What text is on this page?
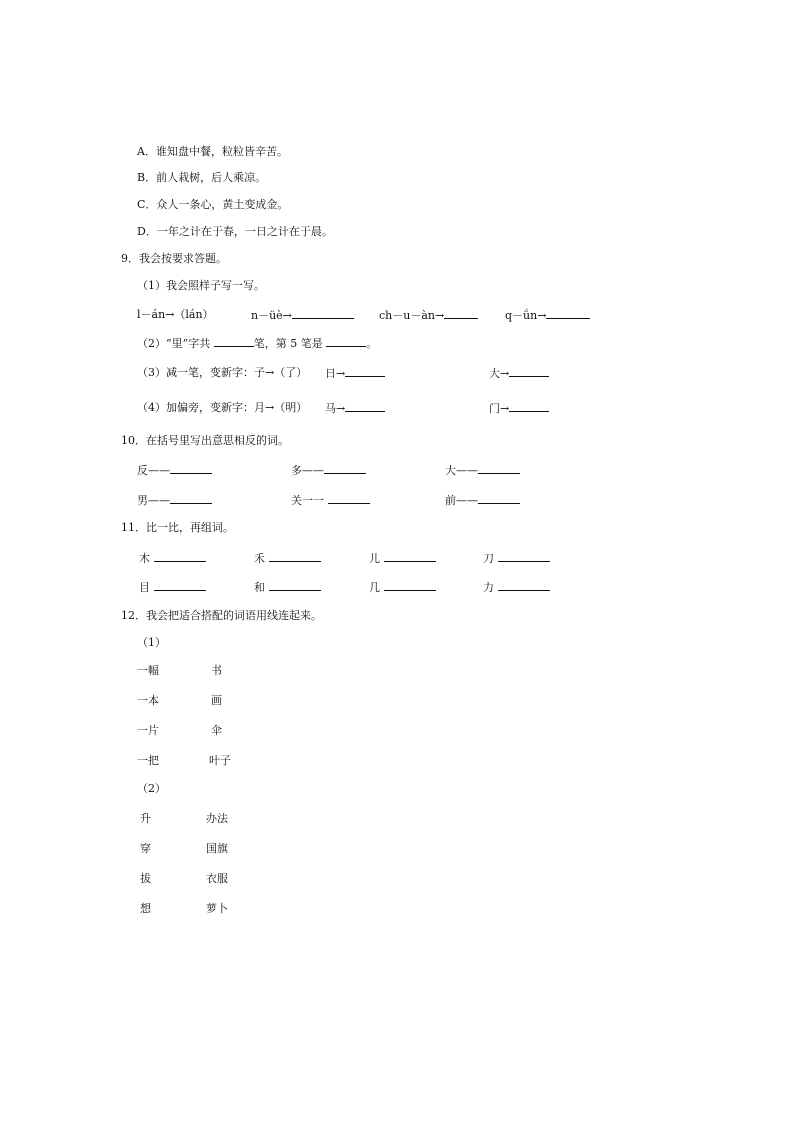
A．谁知盘中餐，粒粒皆辛苦。
B．前人栽树，后人乘凉。
C．众人一条心，黄土变成金。
D．一年之计在于春，一日之计在于晨。
9．我会按要求答题。
（1）我会照样子写一写。
l－án→（lán）	n－üè→	ch－u－àn→	q－ǘn→
（2）“里”字共	笔，第 5 笔是	。
（3）减一笔，变新字：子→（了） 日→	大→
（4）加偏旁，变新字：月→（明） 马→	门→
10．在括号里写出意思相反的词。
反——	多——	大——
男——	关一一	前——
11．比一比，再组词。
木	禾	儿	刀
目	和	几	力
12．我会把适合搭配的词语用线连起来。
（1）
一幅	书
一本	画
一片	伞
一把	叶子
（2）
升	办法
穿	国旗
拔	衣服
想	萝卜
